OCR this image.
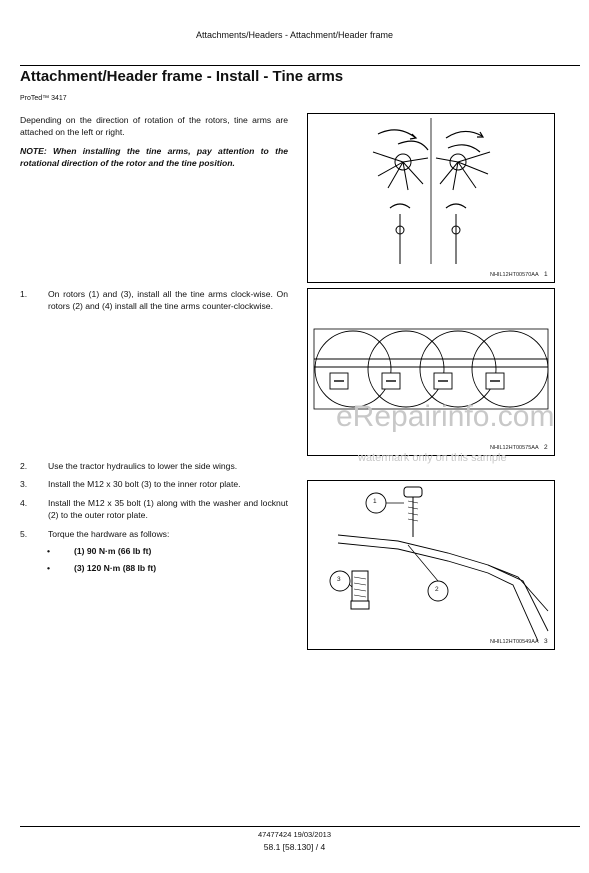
Attachments/Headers - Attachment/Header frame
Attachment/Header frame - Install - Tine arms
ProTed™ 3417
Depending on the direction of rotation of the rotors, tine arms are attached on the left or right.
NOTE: When installing the tine arms, pay attention to the rotational direction of the rotor and the tine position.
NHIL12HT00570AA 1
1. On rotors (1) and (3), install all the tine arms clock-wise. On rotors (2) and (4) install all the tine arms counter-clockwise.
NHIL12HT00575AA 2
eRepairinfo.com
watermark only on this sample
2. Use the tractor hydraulics to lower the side wings.
3. Install the M12 x 30 bolt (3) to the inner rotor plate.
4. Install the M12 x 35 bolt (1) along with the washer and locknut (2) to the outer rotor plate.
5. Torque the hardware as follows:
•	(1) 90 N·m (66 lb ft)
•	(3) 120 N·m (88 lb ft)
1
2
3
NHIL12HT00549AA 3
47477424 19/03/2013
58.1 [58.130] / 4
